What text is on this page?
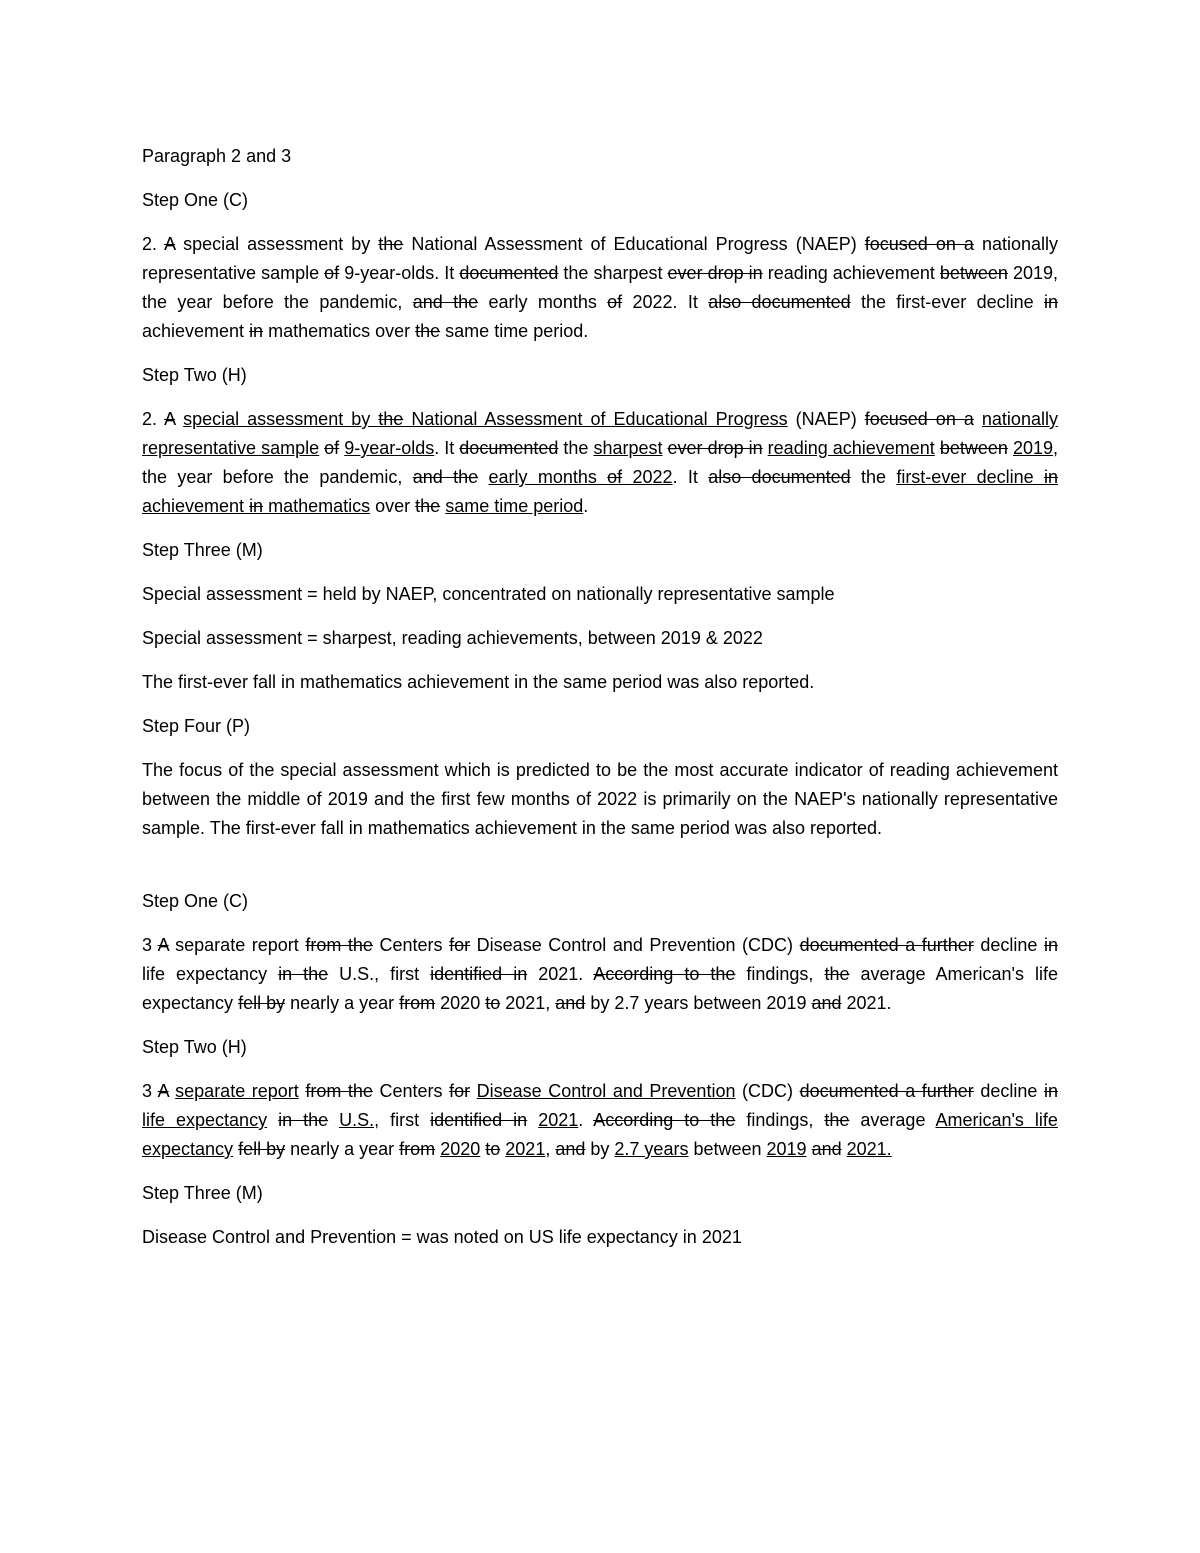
Paragraph 2 and 3

Step One (C)

2. A special assessment by the National Assessment of Educational Progress (NAEP) focused on a nationally representative sample of 9-year-olds. It documented the sharpest ever drop in reading achievement between 2019, the year before the pandemic, and the early months of 2022. It also documented the first-ever decline in achievement in mathematics over the same time period.

Step Two (H)

2. A special assessment by the National Assessment of Educational Progress (NAEP) focused on a nationally representative sample of 9-year-olds. It documented the sharpest ever drop in reading achievement between 2019, the year before the pandemic, and the early months of 2022. It also documented the first-ever decline in achievement in mathematics over the same time period.

Step Three (M)

Special assessment = held by NAEP, concentrated on nationally representative sample

Special assessment = sharpest, reading achievements, between 2019 & 2022

The first-ever fall in mathematics achievement in the same period was also reported.

Step Four (P)

The focus of the special assessment which is predicted to be the most accurate indicator of reading achievement between the middle of 2019 and the first few months of 2022 is primarily on the NAEP's nationally representative sample. The first-ever fall in mathematics achievement in the same period was also reported.

Step One (C)

3 A separate report from the Centers for Disease Control and Prevention (CDC) documented a further decline in life expectancy in the U.S., first identified in 2021. According to the findings, the average American's life expectancy fell by nearly a year from 2020 to 2021, and by 2.7 years between 2019 and 2021.

Step Two (H)

3 A separate report from the Centers for Disease Control and Prevention (CDC) documented a further decline in life expectancy in the U.S., first identified in 2021. According to the findings, the average American's life expectancy fell by nearly a year from 2020 to 2021, and by 2.7 years between 2019 and 2021.

Step Three (M)

Disease Control and Prevention = was noted on US life expectancy in 2021
